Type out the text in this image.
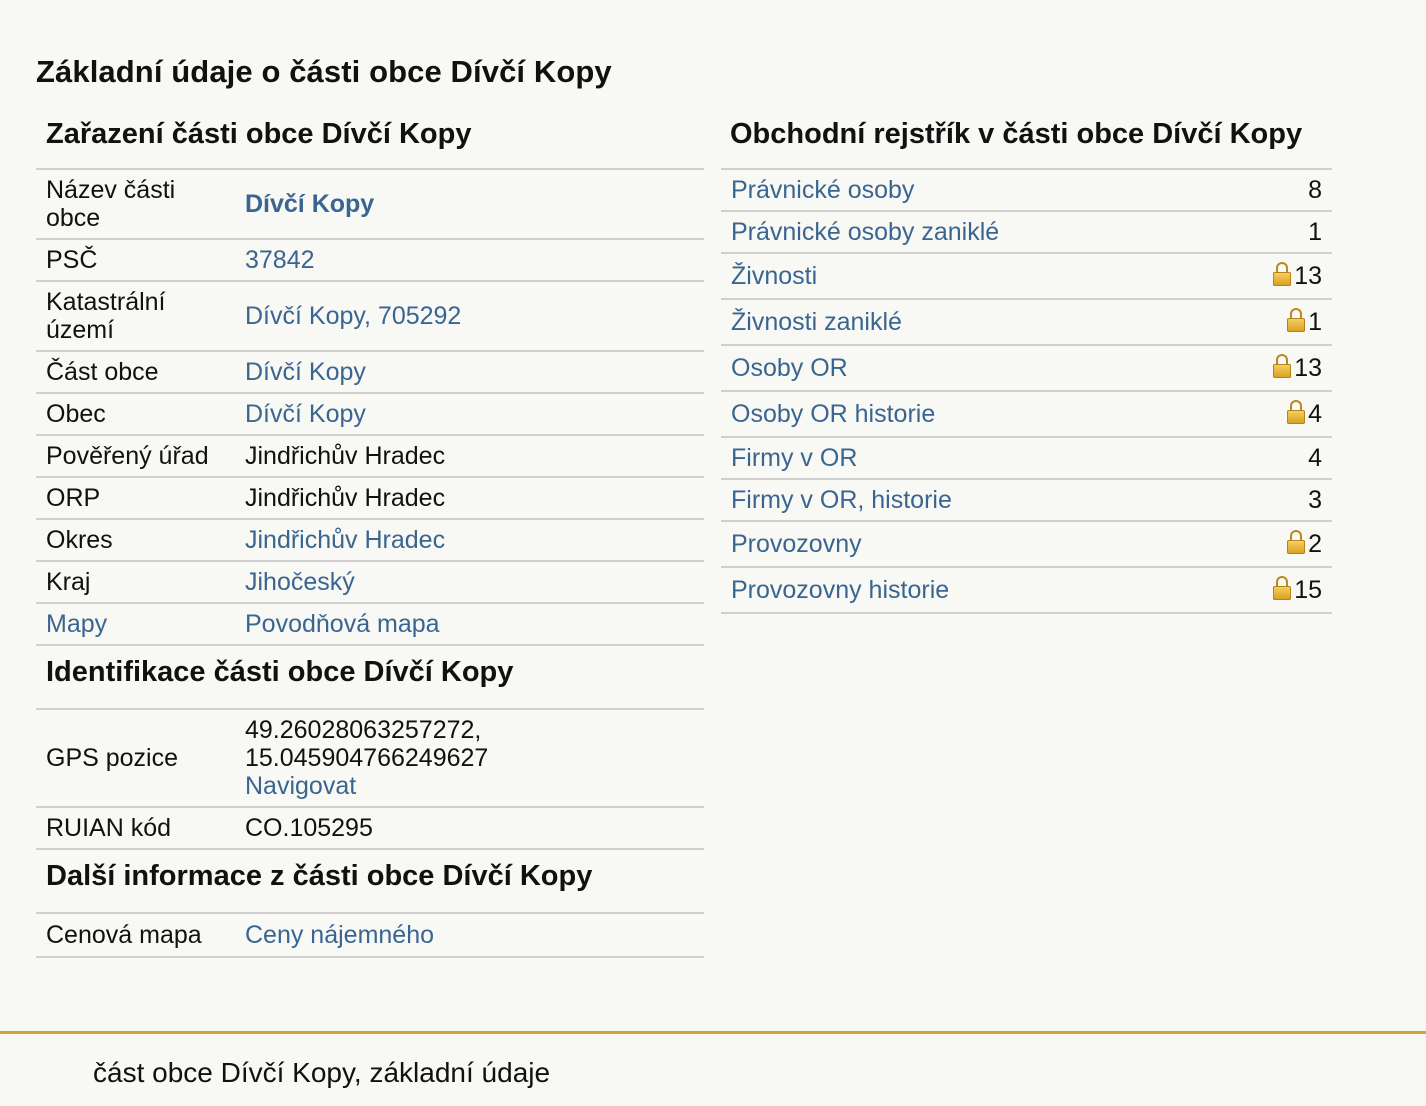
Základní údaje o části obce Dívčí Kopy
Zařazení části obce Dívčí Kopy
Název části obce	Dívčí Kopy
PSČ	37842
Katastrální území	Dívčí Kopy, 705292
Část obce	Dívčí Kopy
Obec	Dívčí Kopy
Pověřený úřad	Jindřichův Hradec
ORP	Jindřichův Hradec
Okres	Jindřichův Hradec
Kraj	Jihočeský
Mapy	Povodňová mapa
Identifikace části obce Dívčí Kopy
GPS pozice	49.26028063257272,
15.045904766249627
Navigovat
RUIAN kód	CO.105295
Další informace z části obce Dívčí Kopy
Cenová mapa	Ceny nájemného
Obchodní rejstřík v části obce Dívčí Kopy
Právnické osoby	8
Právnické osoby zaniklé	1
Živnosti	13
Živnosti zaniklé	1
Osoby OR	13
Osoby OR historie	4
Firmy v OR	4
Firmy v OR, historie	3
Provozovny	2
Provozovny historie	15
část obce Dívčí Kopy, základní údaje
